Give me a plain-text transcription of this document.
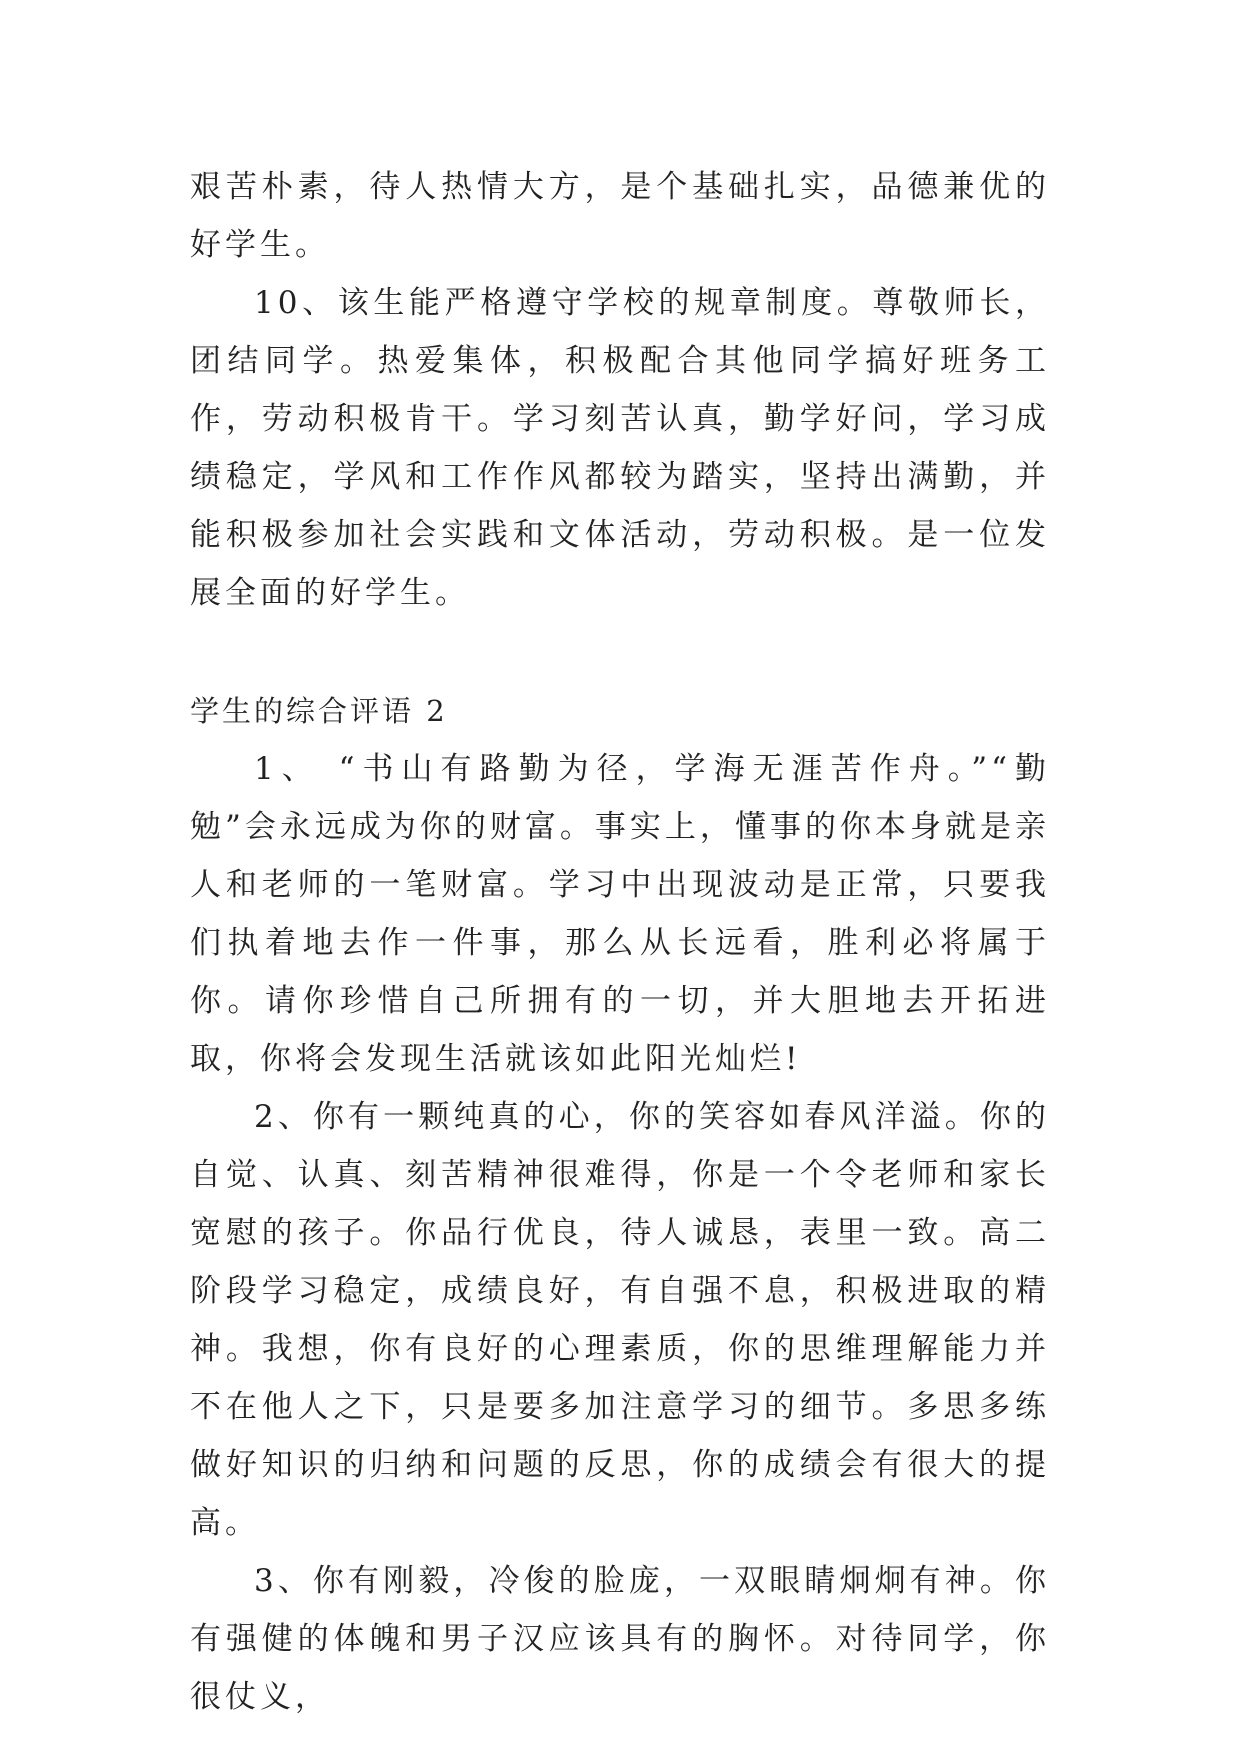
艰苦朴素，待人热情大方，是个基础扎实，品德兼优的好学生。

10、该生能严格遵守学校的规章制度。尊敬师长，团结同学。热爱集体，积极配合其他同学搞好班务工作，劳动积极肯干。学习刻苦认真，勤学好问，学习成绩稳定，学风和工作作风都较为踏实，坚持出满勤，并能积极参加社会实践和文体活动，劳动积极。是一位发展全面的好学生。

学生的综合评语 2

1、 “书山有路勤为径，学海无涯苦作舟。”“勤勉”会永远成为你的财富。事实上，懂事的你本身就是亲人和老师的一笔财富。学习中出现波动是正常，只要我们执着地去作一件事，那么从长远看，胜利必将属于你。请你珍惜自己所拥有的一切，并大胆地去开拓进取，你将会发现生活就该如此阳光灿烂!

2、你有一颗纯真的心，你的笑容如春风洋溢。你的自觉、认真、刻苦精神很难得，你是一个令老师和家长宽慰的孩子。你品行优良，待人诚恳，表里一致。高二阶段学习稳定，成绩良好，有自强不息，积极进取的精神。我想，你有良好的心理素质，你的思维理解能力并不在他人之下，只是要多加注意学习的细节。多思多练做好知识的归纳和问题的反思，你的成绩会有很大的提高。

3、你有刚毅，冷俊的脸庞，一双眼睛炯炯有神。你有强健的体魄和男子汉应该具有的胸怀。对待同学，你很仗义，
